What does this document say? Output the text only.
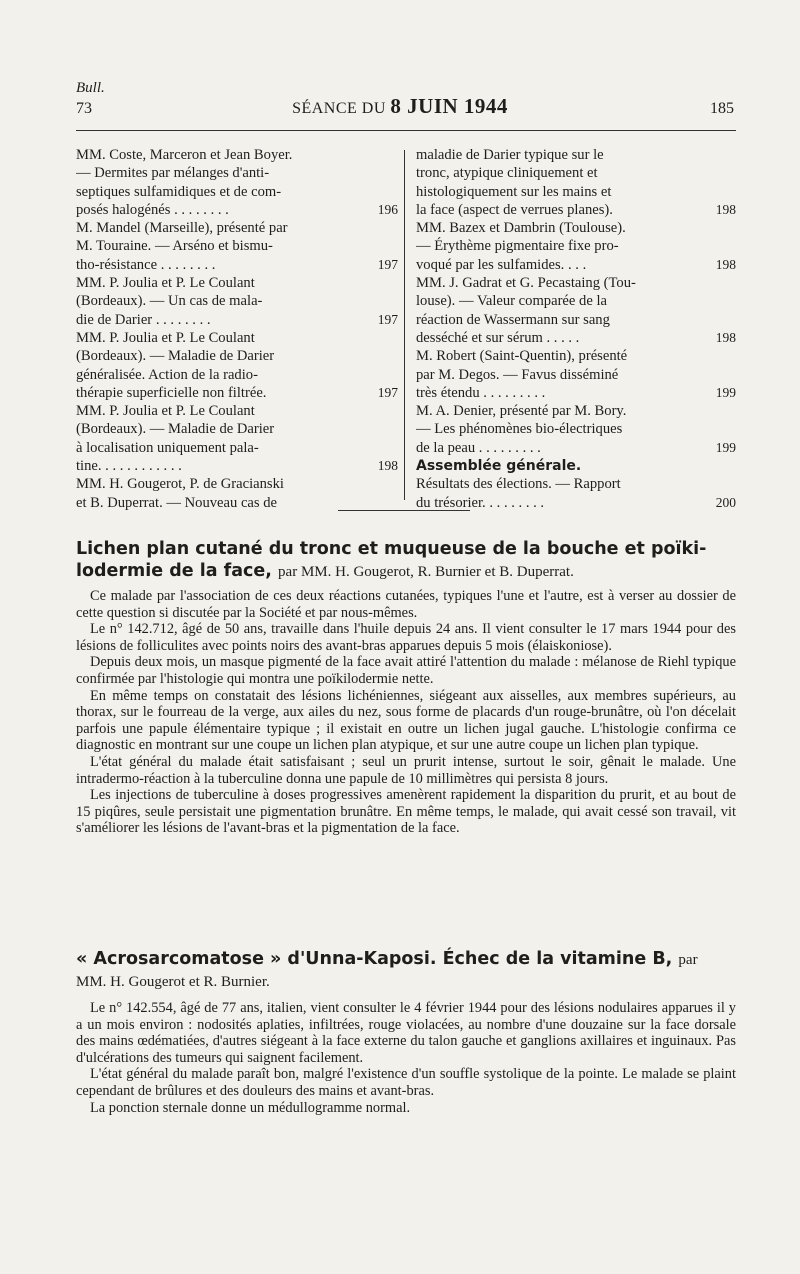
Bull.
73	SÉANCE DU 8 JUIN 1944	185
MM. Coste, Marceron et Jean Boyer.
— Dermites par mélanges d'anti-
septiques sulfamidiques et de com-
posés halogénés . . . . . . . .	196
M. Mandel (Marseille), présenté par
M. Touraine. — Arséno et bismu-
tho-résistance . . . . . . . .	197
MM. P. Joulia et P. Le Coulant
(Bordeaux). — Un cas de mala-
die de Darier . . . . . . . .	197
MM. P. Joulia et P. Le Coulant
(Bordeaux). — Maladie de Darier
généralisée. Action de la radio-
thérapie superficielle non filtrée.	197
MM. P. Joulia et P. Le Coulant
(Bordeaux). — Maladie de Darier
à localisation uniquement pala-
tine. . . . . . . . . . . .	198
MM. H. Gougerot, P. de Gracianski
et B. Duperrat. — Nouveau cas de
maladie de Darier typique sur le
tronc, atypique cliniquement et
histologiquement sur les mains et
la face (aspect de verrues planes).	198
MM. Bazex et Dambrin (Toulouse).
— Érythème pigmentaire fixe pro-
voqué par les sulfamides. . . .	198
MM. J. Gadrat et G. Pecastaing (Tou-
louse). — Valeur comparée de la
réaction de Wassermann sur sang
desséché et sur sérum . . . . .	198
M. Robert (Saint-Quentin), présenté
par M. Degos. — Favus disséminé
très étendu . . . . . . . . .	199
M. A. Denier, présenté par M. Bory.
— Les phénomènes bio-électriques
de la peau . . . . . . . . .	199
Assemblée générale.
Résultats des élections. — Rapport
du trésorier. . . . . . . . .	200
Lichen plan cutané du tronc et muqueuse de la bouche et poïki-
lodermie de la face, par MM. H. Gougerot, R. Burnier et B. Duperrat.

Ce malade par l'association de ces deux réactions cutanées, typiques l'une et l'autre, est à verser au dossier de cette question si discutée par la Société et par nous-mêmes.

Le n° 142.712, âgé de 50 ans, travaille dans l'huile depuis 24 ans. Il vient consulter le 17 mars 1944 pour des lésions de folliculites avec points noirs des avant-bras apparues depuis 5 mois (élaiskoniose).

Depuis deux mois, un masque pigmenté de la face avait attiré l'attention du malade : mélanose de Riehl typique confirmée par l'histologie qui montra une poïkilodermie nette.

En même temps on constatait des lésions lichéniennes, siégeant aux aisselles, aux membres supérieurs, au thorax, sur le fourreau de la verge, aux ailes du nez, sous forme de placards d'un rouge-brunâtre, où l'on décelait parfois une papule élémentaire typique ; il existait en outre un lichen jugal gauche. L'histologie confirma ce diagnostic en montrant sur une coupe un lichen plan atypique, et sur une autre coupe un lichen plan typique.

L'état général du malade était satisfaisant ; seul un prurit intense, surtout le soir, gênait le malade. Une intradermo-réaction à la tuberculine donna une papule de 10 millimètres qui persista 8 jours.

Les injections de tuberculine à doses progressives amenèrent rapidement la disparition du prurit, et au bout de 15 piqûres, seule persistait une pigmentation brunâtre. En même temps, le malade, qui avait cessé son travail, vit s'améliorer les lésions de l'avant-bras et la pigmentation de la face.

« Acrosarcomatose » d'Unna-Kaposi. Échec de la vitamine B, par
MM. H. Gougerot et R. Burnier.

Le n° 142.554, âgé de 77 ans, italien, vient consulter le 4 février 1944 pour des lésions nodulaires apparues il y a un mois environ : nodosités aplaties, infiltrées, rouge violacées, au nombre d'une douzaine sur la face dorsale des mains œdématiées, d'autres siégeant à la face externe du talon gauche et ganglions axillaires et inguinaux. Pas d'ulcérations des tumeurs qui saignent facilement.

L'état général du malade paraît bon, malgré l'existence d'un souffle systolique de la pointe. Le malade se plaint cependant de brûlures et des douleurs des mains et avant-bras.

La ponction sternale donne un médullogramme normal.
